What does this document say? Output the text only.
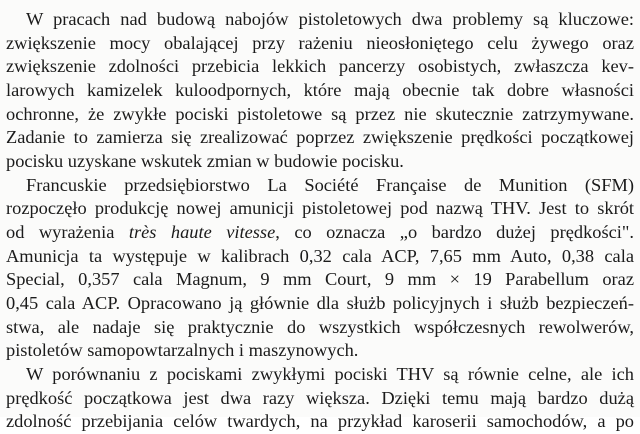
W pracach nad budową nabojów pistoletowych dwa problemy są kluczowe:
zwiększenie mocy obalającej przy rażeniu nieosłoniętego celu żywego oraz
zwiększenie zdolności przebicia lekkich pancerzy osobistych, zwłaszcza kev-
larowych kamizelek kuloodpornych, które mają obecnie tak dobre własności
ochronne, że zwykłe pociski pistoletowe są przez nie skutecznie zatrzymywane.
Zadanie to zamierza się zrealizować poprzez zwiększenie prędkości początkowej
pocisku uzyskane wskutek zmian w budowie pocisku.
Francuskie przedsiębiorstwo La Société Française de Munition (SFM)
rozpoczęło produkcję nowej amunicji pistoletowej pod nazwą THV. Jest to skrót
od wyrażenia très haute vitesse, co oznacza „o bardzo dużej prędkości".
Amunicja ta występuje w kalibrach 0,32 cala ACP, 7,65 mm Auto, 0,38 cala
Special, 0,357 cala Magnum, 9 mm Court, 9 mm × 19 Parabellum oraz
0,45 cala ACP. Opracowano ją głównie dla służb policyjnych i służb bezpieczeń-
stwa, ale nadaje się praktycznie do wszystkich współczesnych rewolwerów,
pistoletów samopowtarzalnych i maszynowych.
W porównaniu z pociskami zwykłymi pociski THV są równie celne, ale ich
prędkość początkowa jest dwa razy większa. Dzięki temu mają bardzo dużą
zdolność przebijania celów twardych, na przykład karoserii samochodów, a po
